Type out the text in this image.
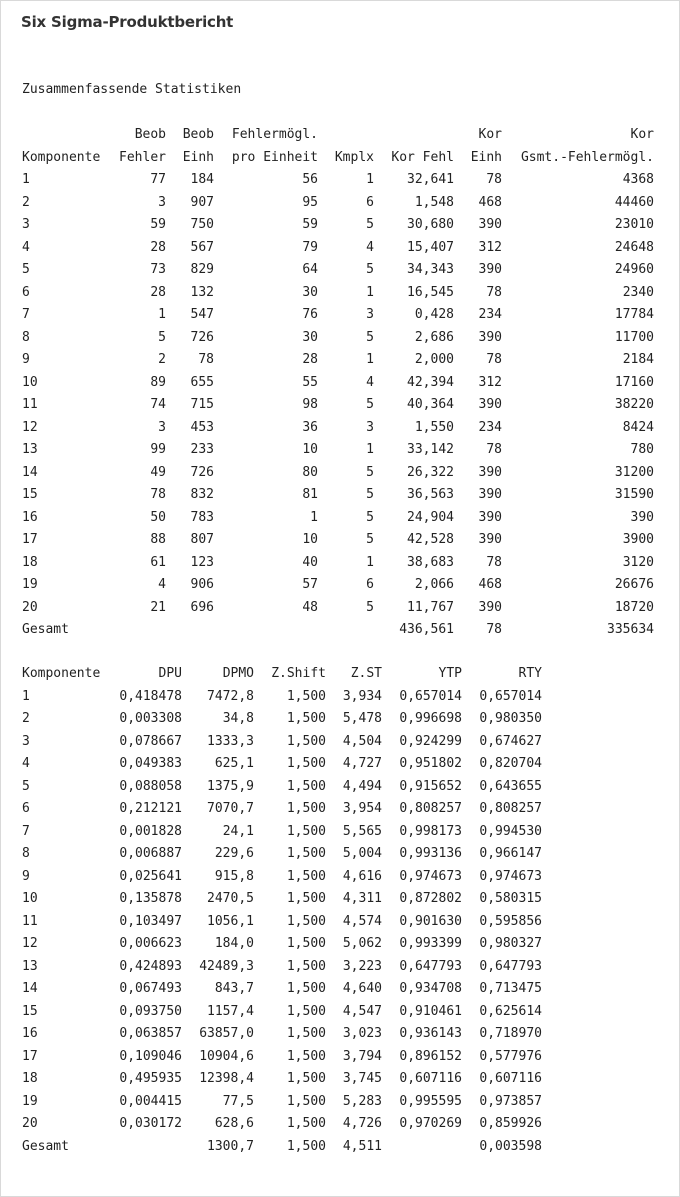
Six Sigma-Produktbericht
Zusammenfassende Statistiken
	Beob	Beob	Fehlermögl.			Kor	Kor
Komponente	Fehler	Einh	pro Einheit	Kmplx	Kor Fehl	Einh	Gsmt.-Fehlermögl.
1	77	184	56	1	32,641	78	4368
2	3	907	95	6	1,548	468	44460
3	59	750	59	5	30,680	390	23010
4	28	567	79	4	15,407	312	24648
5	73	829	64	5	34,343	390	24960
6	28	132	30	1	16,545	78	2340
7	1	547	76	3	0,428	234	17784
8	5	726	30	5	2,686	390	11700
9	2	78	28	1	2,000	78	2184
10	89	655	55	4	42,394	312	17160
11	74	715	98	5	40,364	390	38220
12	3	453	36	3	1,550	234	8424
13	99	233	10	1	33,142	78	780
14	49	726	80	5	26,322	390	31200
15	78	832	81	5	36,563	390	31590
16	50	783	1	5	24,904	390	390
17	88	807	10	5	42,528	390	3900
18	61	123	40	1	38,683	78	3120
19	4	906	57	6	2,066	468	26676
20	21	696	48	5	11,767	390	18720
Gesamt					436,561	78	335634
Komponente	DPU	DPMO	Z.Shift	Z.ST	YTP	RTY
1	0,418478	7472,8	1,500	3,934	0,657014	0,657014
2	0,003308	34,8	1,500	5,478	0,996698	0,980350
3	0,078667	1333,3	1,500	4,504	0,924299	0,674627
4	0,049383	625,1	1,500	4,727	0,951802	0,820704
5	0,088058	1375,9	1,500	4,494	0,915652	0,643655
6	0,212121	7070,7	1,500	3,954	0,808257	0,808257
7	0,001828	24,1	1,500	5,565	0,998173	0,994530
8	0,006887	229,6	1,500	5,004	0,993136	0,966147
9	0,025641	915,8	1,500	4,616	0,974673	0,974673
10	0,135878	2470,5	1,500	4,311	0,872802	0,580315
11	0,103497	1056,1	1,500	4,574	0,901630	0,595856
12	0,006623	184,0	1,500	5,062	0,993399	0,980327
13	0,424893	42489,3	1,500	3,223	0,647793	0,647793
14	0,067493	843,7	1,500	4,640	0,934708	0,713475
15	0,093750	1157,4	1,500	4,547	0,910461	0,625614
16	0,063857	63857,0	1,500	3,023	0,936143	0,718970
17	0,109046	10904,6	1,500	3,794	0,896152	0,577976
18	0,495935	12398,4	1,500	3,745	0,607116	0,607116
19	0,004415	77,5	1,500	5,283	0,995595	0,973857
20	0,030172	628,6	1,500	4,726	0,970269	0,859926
Gesamt		1300,7	1,500	4,511		0,003598
